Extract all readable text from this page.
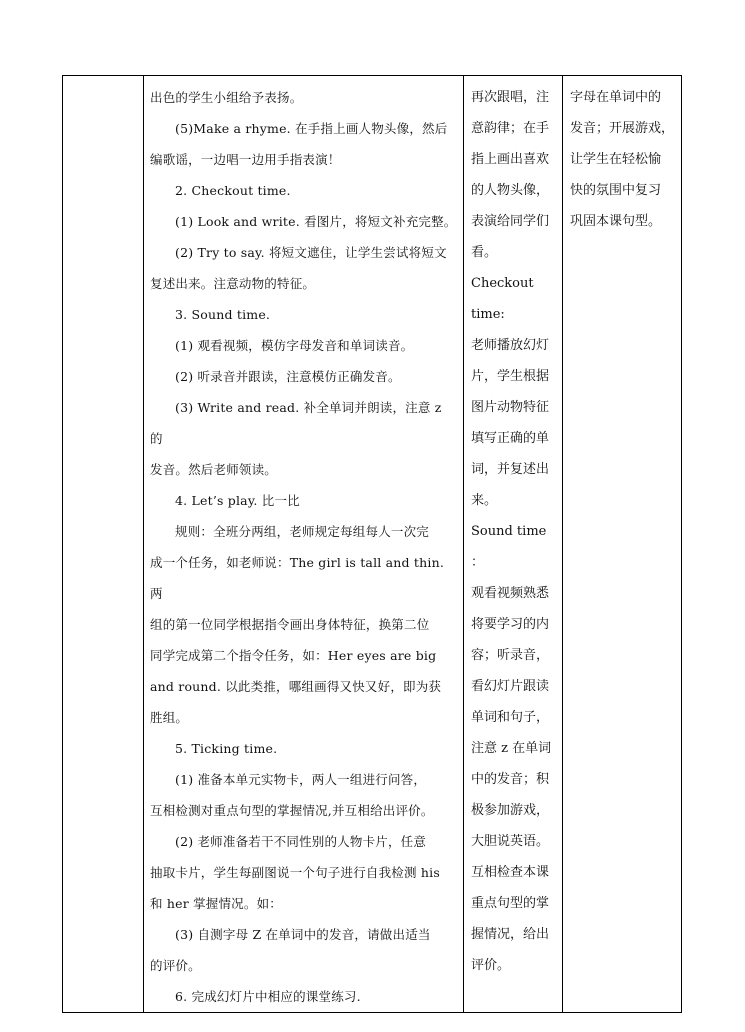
出色的学生小组给予表扬。
(5)Make a rhyme. 在手指上画人物头像，然后
编歌谣，一边唱一边用手指表演！
2. Checkout time.
(1) Look and write. 看图片，将短文补充完整。
(2) Try to say. 将短文遮住，让学生尝试将短文
复述出来。注意动物的特征。
3. Sound time.
(1) 观看视频，模仿字母发音和单词读音。
(2) 听录音并跟读，注意模仿正确发音。
(3) Write and read. 补全单词并朗读，注意 z 的
发音。然后老师领读。
4. Let’s play. 比一比
规则：全班分两组，老师规定每组每人一次完
成一个任务，如老师说：The girl is tall and thin. 两
组的第一位同学根据指令画出身体特征，换第二位
同学完成第二个指令任务，如：Her eyes are big
and round. 以此类推，哪组画得又快又好，即为获
胜组。
5. Ticking time.
(1) 准备本单元实物卡，两人一组进行问答，
互相检测对重点句型的掌握情况,并互相给出评价。
(2) 老师准备若干不同性别的人物卡片，任意
抽取卡片，学生每副图说一个句子进行自我检测 his
和 her 掌握情况。如：
(3) 自测字母 Z 在单词中的发音，请做出适当
的评价。
6. 完成幻灯片中相应的课堂练习.

再次跟唱，注
意韵律；在手
指上画出喜欢
的人物头像，
表演给同学们
看。
Checkout time:
老师播放幻灯
片，学生根据
图片动物特征
填写正确的单
词，并复述出
来。
Sound time ：
观看视频熟悉
将要学习的内
容；听录音，
看幻灯片跟读
单词和句子，
注意 z 在单词
中的发音；积
极参加游戏，
大胆说英语。
互相检查本课
重点句型的掌
握情况，给出
评价。

字母在单词中的
发音；开展游戏，
让学生在轻松愉
快的氛围中复习
巩固本课句型。
